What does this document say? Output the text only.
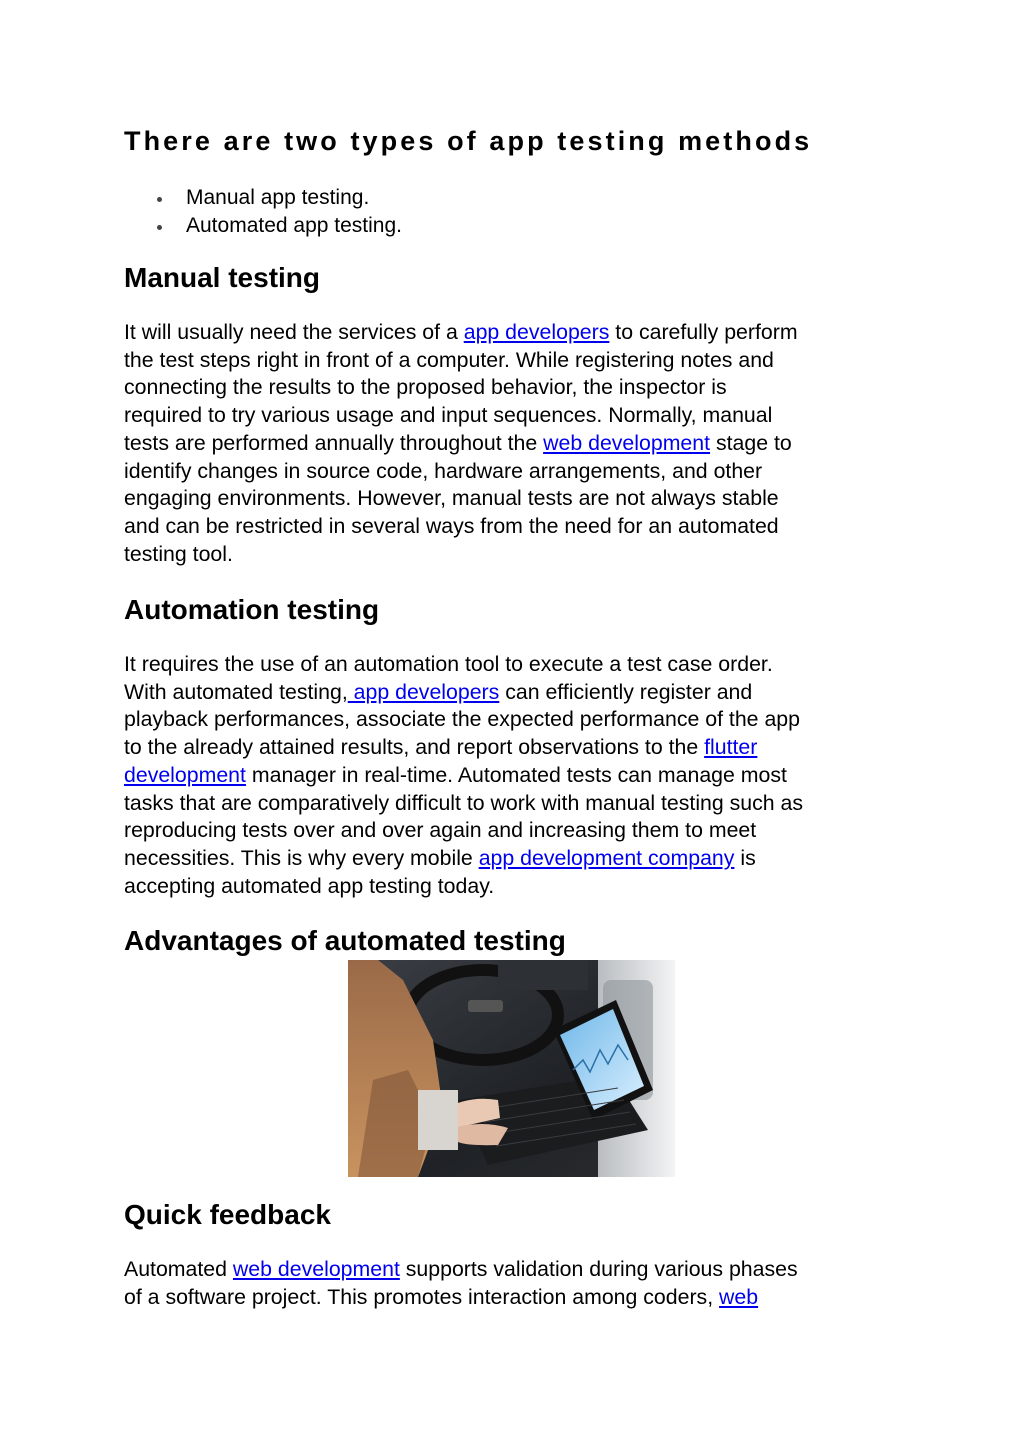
There are two types of app testing methods
Manual app testing.
Automated app testing.
Manual testing

It will usually need the services of a app developers to carefully perform
the test steps right in front of a computer. While registering notes and
connecting the results to the proposed behavior, the inspector is
required to try various usage and input sequences. Normally, manual
tests are performed annually throughout the web development stage to
identify changes in source code, hardware arrangements, and other
engaging environments. However, manual tests are not always stable
and can be restricted in several ways from the need for an automated
testing tool.

Automation testing

It requires the use of an automation tool to execute a test case order.
With automated testing, app developers can efficiently register and
playback performances, associate the expected performance of the app
to the already attained results, and report observations to the flutter
development manager in real-time. Automated tests can manage most
tasks that are comparatively difficult to work with manual testing such as
reproducing tests over and over again and increasing them to meet
necessities. This is why every mobile app development company is
accepting automated app testing today.

Advantages of automated testing
Quick feedback

Automated web development supports validation during various phases
of a software project. This promotes interaction among coders, web
